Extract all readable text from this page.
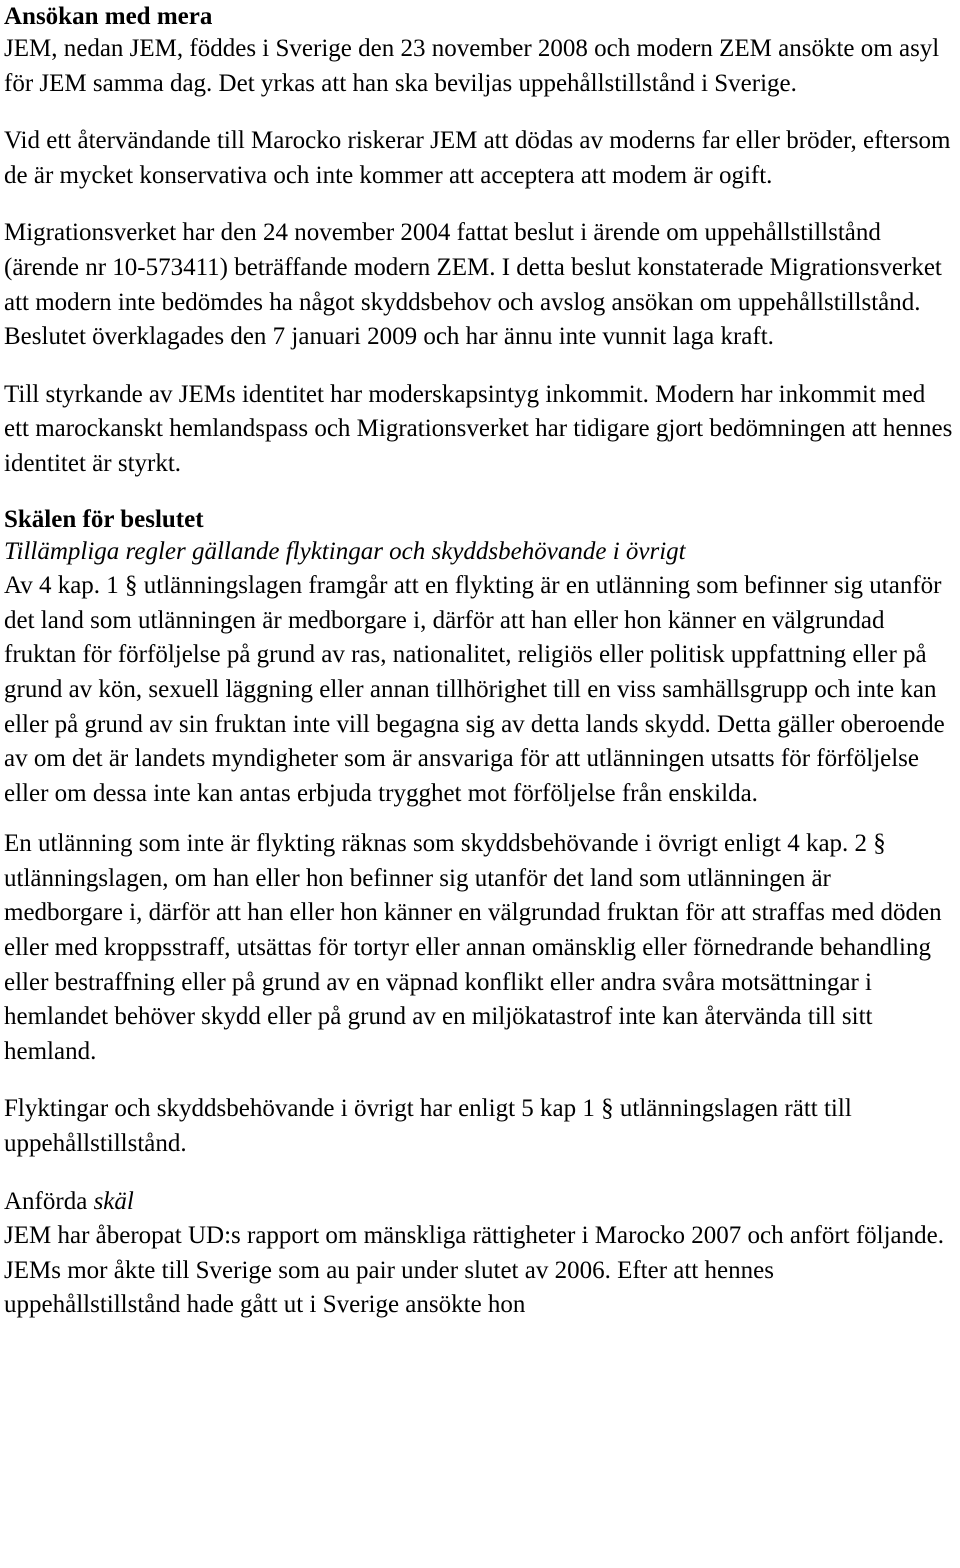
Ansökan med mera

JEM, nedan JEM, föddes i Sverige den 23 november 2008 och modern ZEM ansökte om asyl för JEM samma dag. Det yrkas att han ska beviljas uppehållstillstånd i Sverige.

Vid ett återvändande till Marocko riskerar JEM att dödas av moderns far eller bröder, eftersom de är mycket konservativa och inte kommer att acceptera att modem är ogift.

Migrationsverket har den 24 november 2004 fattat beslut i ärende om uppehållstillstånd (ärende nr 10-573411) beträffande modern ZEM. I detta beslut konstaterade Migrationsverket att modern inte bedömdes ha något skyddsbehov och avslog ansökan om uppehållstillstånd. Beslutet överklagades den 7 januari 2009 och har ännu inte vunnit laga kraft.

Till styrkande av JEMs identitet har moderskapsintyg inkommit. Modern har inkommit med ett marockanskt hemlandspass och Migrationsverket har tidigare gjort bedömningen att hennes identitet är styrkt.

Skälen för beslutet

Tillämpliga regler gällande flyktingar och skyddsbehövande i övrigt

Av 4 kap. 1 § utlänningslagen framgår att en flykting är en utlänning som befinner sig utanför det land som utlänningen är medborgare i, därför att han eller hon känner en välgrundad fruktan för förföljelse på grund av ras, nationalitet, religiös eller politisk uppfattning eller på grund av kön, sexuell läggning eller annan tillhörighet till en viss samhällsgrupp och inte kan eller på grund av sin fruktan inte vill begagna sig av detta lands skydd. Detta gäller oberoende av om det är landets myndigheter som är ansvariga för att utlänningen utsatts för förföljelse eller om dessa inte kan antas erbjuda trygghet mot förföljelse från enskilda.

En utlänning som inte är flykting räknas som skyddsbehövande i övrigt enligt 4 kap. 2 § utlänningslagen, om han eller hon befinner sig utanför det land som utlänningen är medborgare i, därför att han eller hon känner en välgrundad fruktan för att straffas med döden eller med kroppsstraff, utsättas för tortyr eller annan omänsklig eller förnedrande behandling eller bestraffning eller på grund av en väpnad konflikt eller andra svåra motsättningar i hemlandet behöver skydd eller på grund av en miljökatastrof inte kan återvända till sitt hemland.

Flyktingar och skyddsbehövande i övrigt har enligt 5 kap 1 § utlänningslagen rätt till uppehållstillstånd.

Anförda skäl

JEM har åberopat UD:s rapport om mänskliga rättigheter i Marocko 2007 och anfört följande. JEMs mor åkte till Sverige som au pair under slutet av 2006. Efter att hennes uppehållstillstånd hade gått ut i Sverige ansökte hon
